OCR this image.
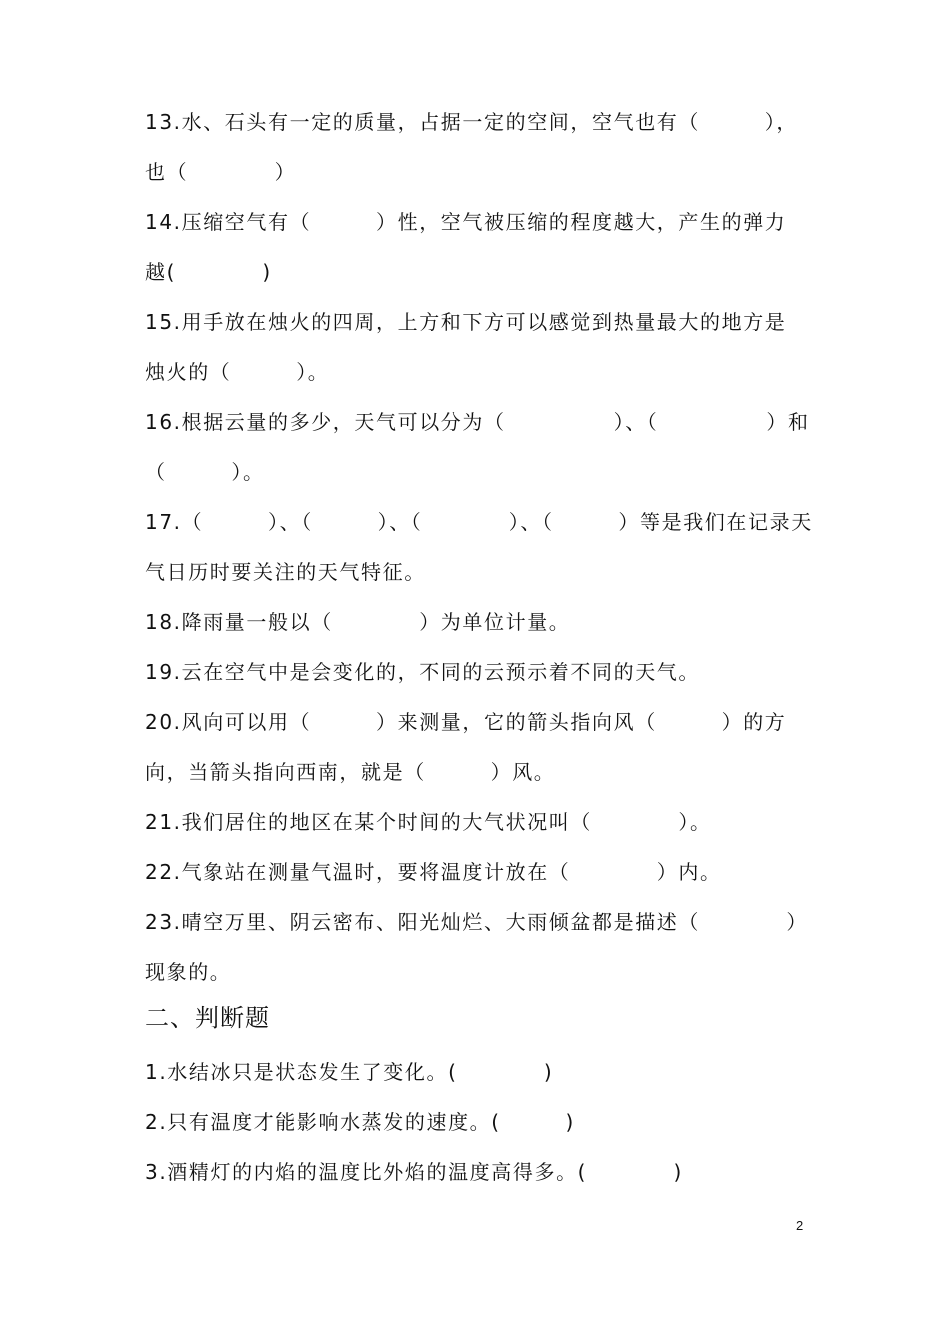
13.水、石头有一定的质量，占据一定的空间，空气也有（　　　），
也（　　　　）
14.压缩空气有（　　　）性，空气被压缩的程度越大，产生的弹力
越(　　　　)
15.用手放在烛火的四周，上方和下方可以感觉到热量最大的地方是
烛火的（　　　）。
16.根据云量的多少，天气可以分为（　　　　　）、（　　　　　）和
（　　　）。
17.（　　　）、（　　　）、（　　　　）、（　　　）等是我们在记录天
气日历时要关注的天气特征。
18.降雨量一般以（　　　　）为单位计量。
19.云在空气中是会变化的，不同的云预示着不同的天气。
20.风向可以用（　　　）来测量，它的箭头指向风（　　　）的方
向，当箭头指向西南，就是（　　　）风。
21.我们居住的地区在某个时间的大气状况叫（　　　　）。
22.气象站在测量气温时，要将温度计放在（　　　　）内。
23.晴空万里、阴云密布、阳光灿烂、大雨倾盆都是描述（　　　　）
现象的。
二、判断题
1.水结冰只是状态发生了变化。(　　　　)
2.只有温度才能影响水蒸发的速度。(　　　)
3.酒精灯的内焰的温度比外焰的温度高得多。(　　　　)
2
